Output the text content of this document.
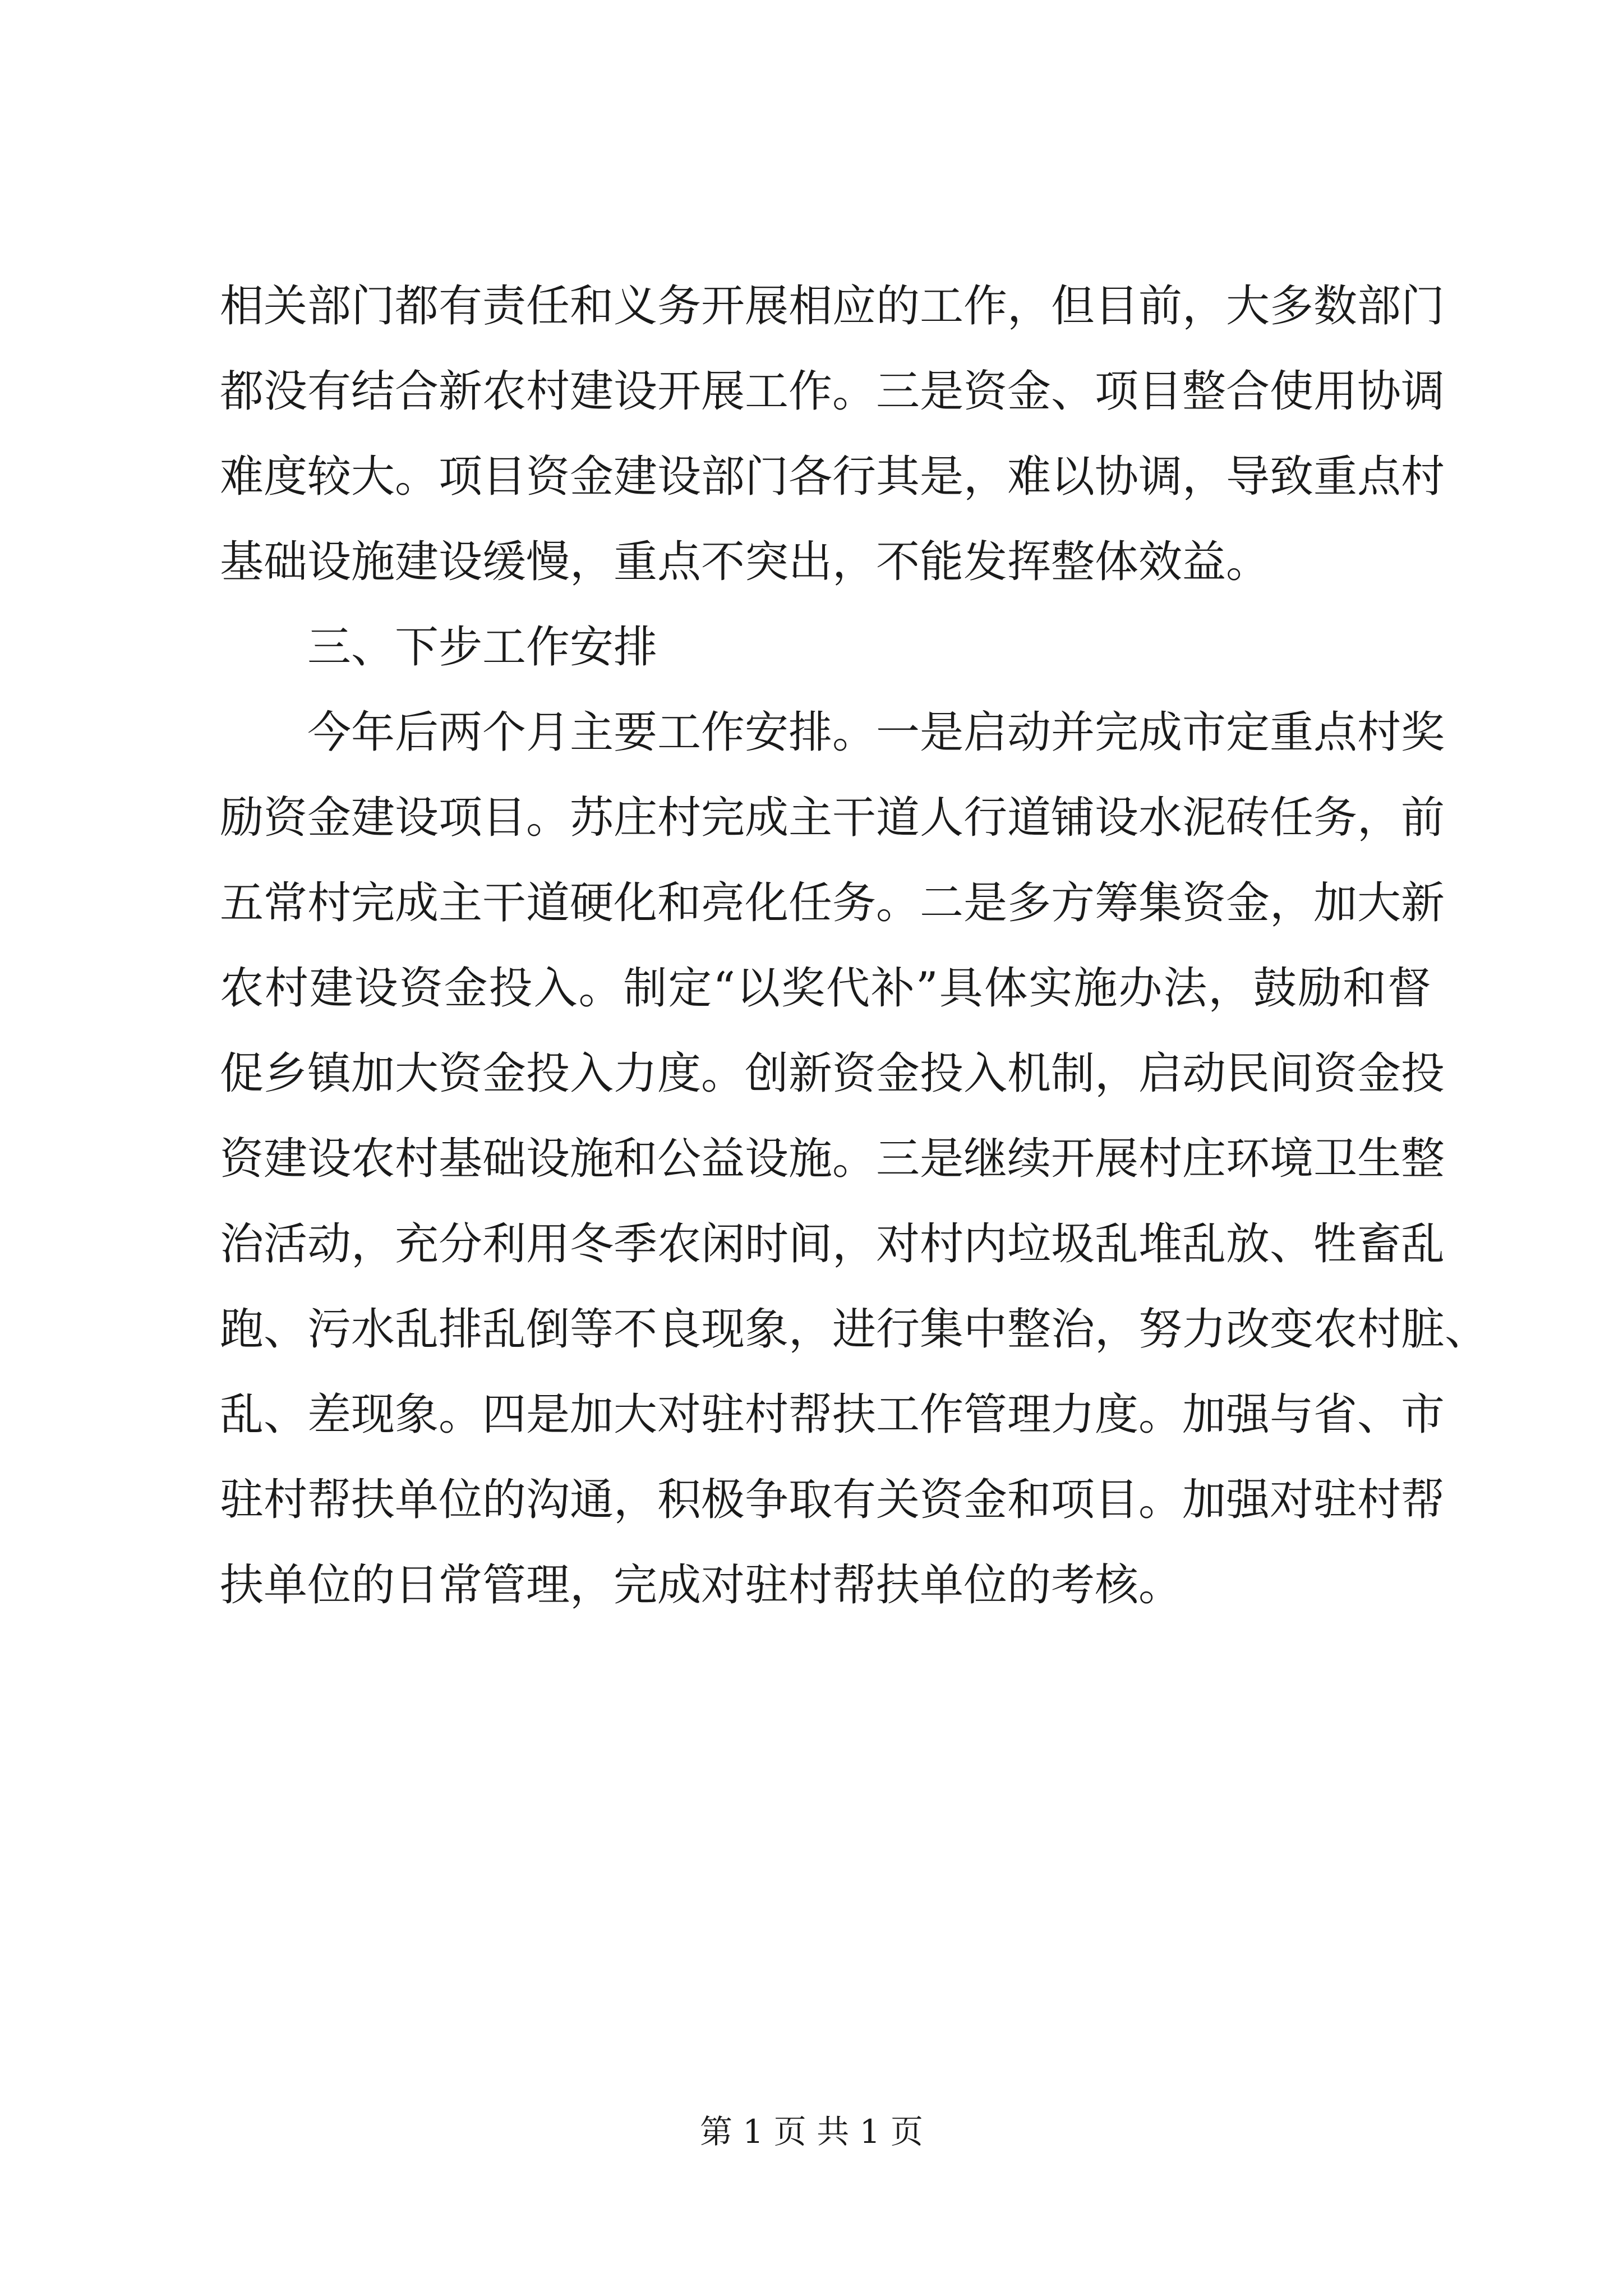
相关部门都有责任和义务开展相应的工作，但目前，大多数部门
都没有结合新农村建设开展工作。三是资金、项目整合使用协调
难度较大。项目资金建设部门各行其是，难以协调，导致重点村
基础设施建设缓慢，重点不突出，不能发挥整体效益。
三、下步工作安排
今年后两个月主要工作安排。一是启动并完成市定重点村奖
励资金建设项目。苏庄村完成主干道人行道铺设水泥砖任务，前
五常村完成主干道硬化和亮化任务。二是多方筹集资金，加大新
农村建设资金投入。制定“以奖代补”具体实施办法，鼓励和督
促乡镇加大资金投入力度。创新资金投入机制，启动民间资金投
资建设农村基础设施和公益设施。三是继续开展村庄环境卫生整
治活动，充分利用冬季农闲时间，对村内垃圾乱堆乱放、牲畜乱
跑、污水乱排乱倒等不良现象，进行集中整治，努力改变农村脏、
乱、差现象。四是加大对驻村帮扶工作管理力度。加强与省、市
驻村帮扶单位的沟通，积极争取有关资金和项目。加强对驻村帮
扶单位的日常管理，完成对驻村帮扶单位的考核。
第 1 页 共 1 页
